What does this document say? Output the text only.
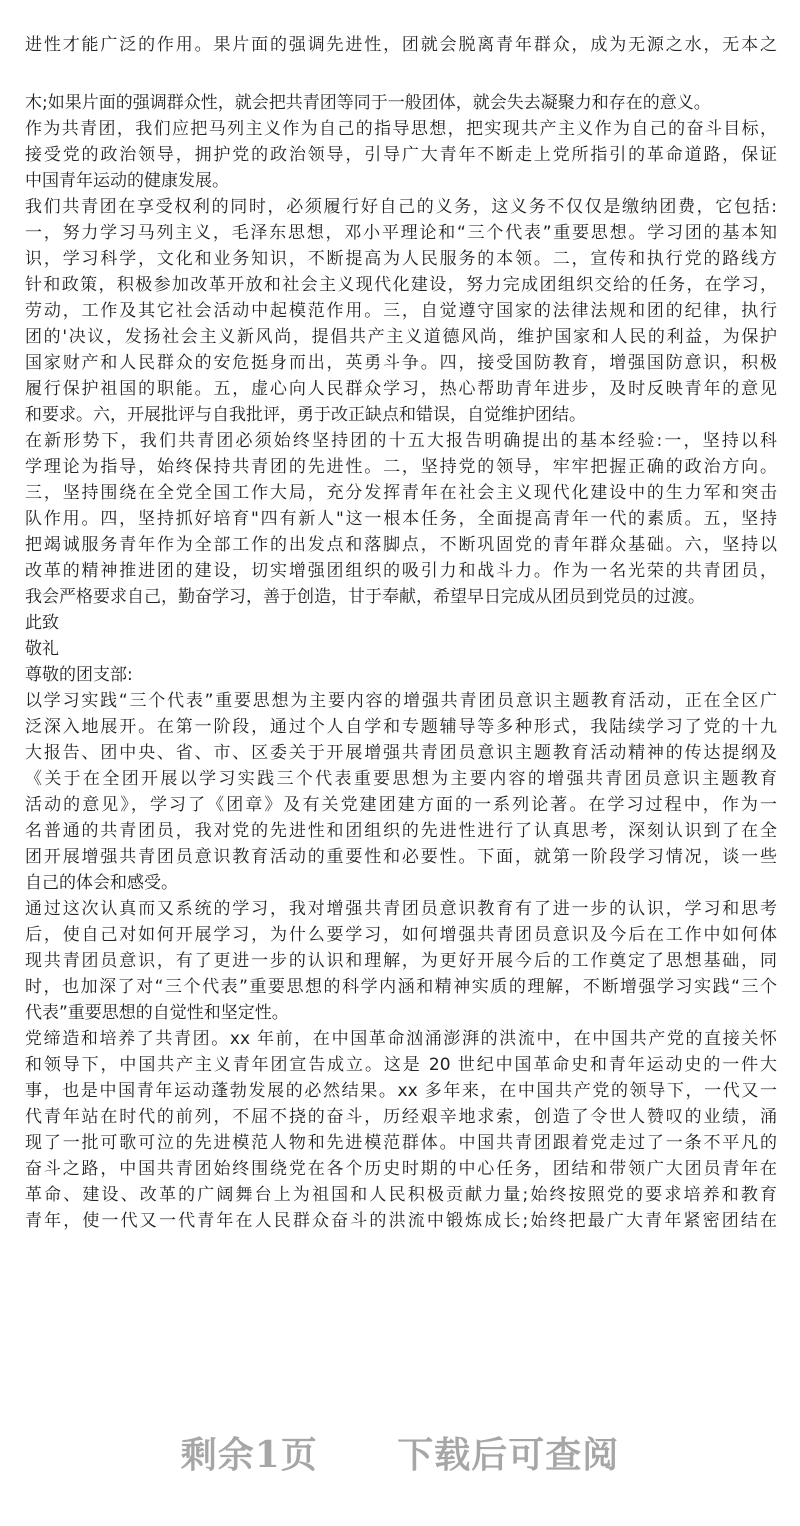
进性才能广泛的作用。果片面的强调先进性，团就会脱离青年群众，成为无源之水，无本之
木;如果片面的强调群众性，就会把共青团等同于一般团体，就会失去凝聚力和存在的意义。
作为共青团，我们应把马列主义作为自己的指导思想，把实现共产主义作为自己的奋斗目标，
接受党的政治领导，拥护党的政治领导，引导广大青年不断走上党所指引的革命道路，保证
中国青年运动的健康发展。
我们共青团在享受权利的同时，必须履行好自己的义务，这义务不仅仅是缴纳团费，它包括:
一，努力学习马列主义，毛泽东思想，邓小平理论和“三个代表”重要思想。学习团的基本知
识，学习科学，文化和业务知识，不断提高为人民服务的本领。二，宣传和执行党的路线方
针和政策，积极参加改革开放和社会主义现代化建设，努力完成团组织交给的任务，在学习，
劳动，工作及其它社会活动中起模范作用。三，自觉遵守国家的法律法规和团的纪律，执行
团的'决议，发扬社会主义新风尚，提倡共产主义道德风尚，维护国家和人民的利益，为保护
国家财产和人民群众的安危挺身而出，英勇斗争。四，接受国防教育，增强国防意识，积极
履行保护祖国的职能。五，虚心向人民群众学习，热心帮助青年进步，及时反映青年的意见
和要求。六，开展批评与自我批评，勇于改正缺点和错误，自觉维护团结。
在新形势下，我们共青团必须始终坚持团的十五大报告明确提出的基本经验:一，坚持以科
学理论为指导，始终保持共青团的先进性。二，坚持党的领导，牢牢把握正确的政治方向。
三，坚持围绕在全党全国工作大局，充分发挥青年在社会主义现代化建设中的生力军和突击
队作用。四，坚持抓好培育"四有新人"这一根本任务，全面提高青年一代的素质。五，坚持
把竭诚服务青年作为全部工作的出发点和落脚点，不断巩固党的青年群众基础。六，坚持以
改革的精神推进团的建设，切实增强团组织的吸引力和战斗力。作为一名光荣的共青团员，
我会严格要求自己，勤奋学习，善于创造，甘于奉献，希望早日完成从团员到党员的过渡。
此致
敬礼
尊敬的团支部:
以学习实践“三个代表”重要思想为主要内容的增强共青团员意识主题教育活动，正在全区广
泛深入地展开。在第一阶段，通过个人自学和专题辅导等多种形式，我陆续学习了党的十九
大报告、团中央、省、市、区委关于开展增强共青团员意识主题教育活动精神的传达提纲及
《关于在全团开展以学习实践三个代表重要思想为主要内容的增强共青团员意识主题教育
活动的意见》，学习了《团章》及有关党建团建方面的一系列论著。在学习过程中，作为一
名普通的共青团员，我对党的先进性和团组织的先进性进行了认真思考，深刻认识到了在全
团开展增强共青团员意识教育活动的重要性和必要性。下面，就第一阶段学习情况，谈一些
自己的体会和感受。
通过这次认真而又系统的学习，我对增强共青团员意识教育有了进一步的认识，学习和思考
后，使自己对如何开展学习，为什么要学习，如何增强共青团员意识及今后在工作中如何体
现共青团员意识，有了更进一步的认识和理解，为更好开展今后的工作奠定了思想基础，同
时，也加深了对“三个代表”重要思想的科学内涵和精神实质的理解，不断增强学习实践“三个
代表”重要思想的自觉性和坚定性。
党缔造和培养了共青团。xx 年前，在中国革命汹涌澎湃的洪流中，在中国共产党的直接关怀
和领导下，中国共产主义青年团宣告成立。这是 20 世纪中国革命史和青年运动史的一件大
事，也是中国青年运动蓬勃发展的必然结果。xx 多年来，在中国共产党的领导下，一代又一
代青年站在时代的前列，不屈不挠的奋斗，历经艰辛地求索，创造了令世人赞叹的业绩，涌
现了一批可歌可泣的先进模范人物和先进模范群体。中国共青团跟着党走过了一条不平凡的
奋斗之路，中国共青团始终围绕党在各个历史时期的中心任务，团结和带领广大团员青年在
革命、建设、改革的广阔舞台上为祖国和人民积极贡献力量;始终按照党的要求培养和教育
青年，使一代又一代青年在人民群众奋斗的洪流中锻炼成长;始终把最广大青年紧密团结在
剩余1页 下载后可查阅
